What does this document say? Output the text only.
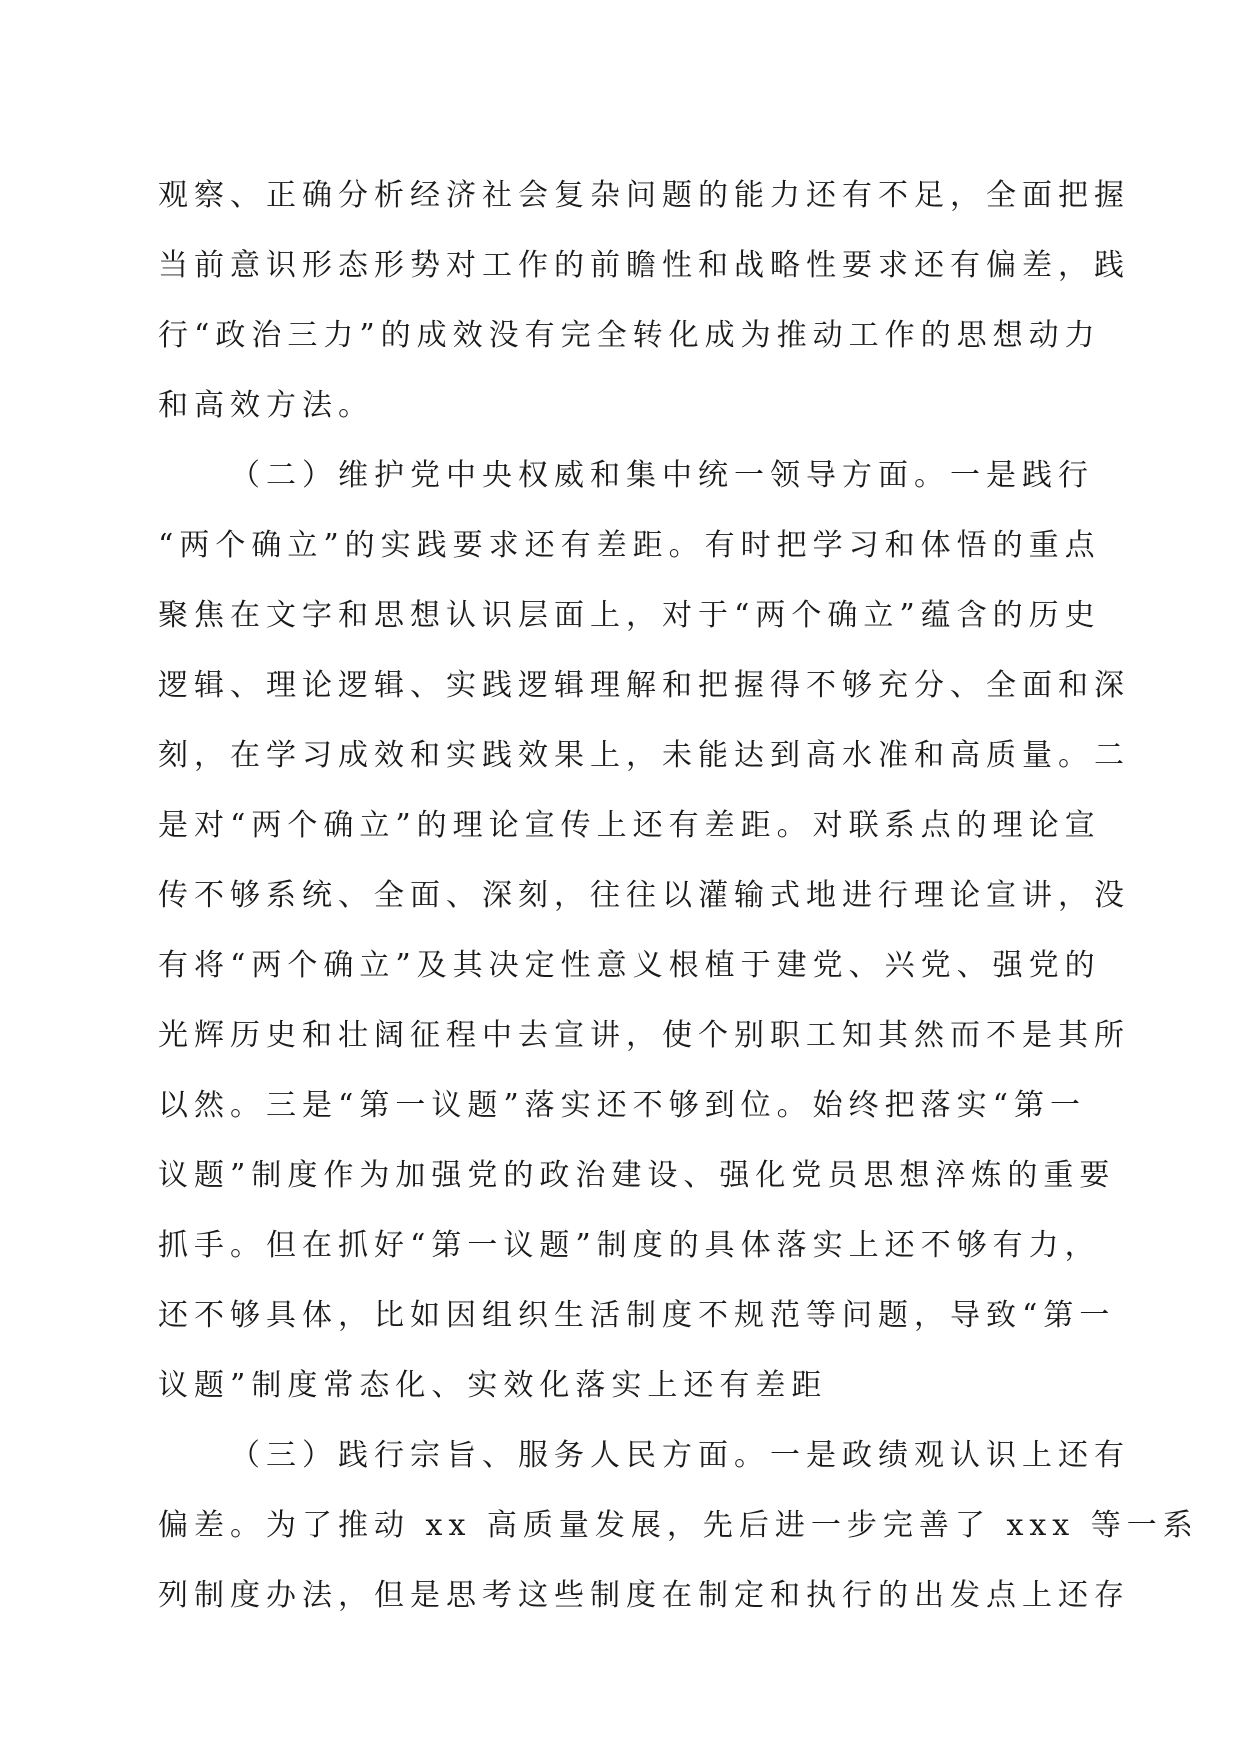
观察、正确分析经济社会复杂问题的能力还有不足，全面把握
当前意识形态形势对工作的前瞻性和战略性要求还有偏差，践
行“政治三力”的成效没有完全转化成为推动工作的思想动力
和高效方法。
（二）维护党中央权威和集中统一领导方面。一是践行
“两个确立”的实践要求还有差距。有时把学习和体悟的重点
聚焦在文字和思想认识层面上，对于“两个确立”蕴含的历史
逻辑、理论逻辑、实践逻辑理解和把握得不够充分、全面和深
刻，在学习成效和实践效果上，未能达到高水准和高质量。二
是对“两个确立”的理论宣传上还有差距。对联系点的理论宣
传不够系统、全面、深刻，往往以灌输式地进行理论宣讲，没
有将“两个确立”及其决定性意义根植于建党、兴党、强党的
光辉历史和壮阔征程中去宣讲，使个别职工知其然而不是其所
以然。三是“第一议题”落实还不够到位。始终把落实“第一
议题”制度作为加强党的政治建设、强化党员思想淬炼的重要
抓手。但在抓好“第一议题”制度的具体落实上还不够有力，
还不够具体，比如因组织生活制度不规范等问题，导致“第一
议题”制度常态化、实效化落实上还有差距
（三）践行宗旨、服务人民方面。一是政绩观认识上还有
偏差。为了推动 xx 高质量发展，先后进一步完善了 xxx 等一系
列制度办法，但是思考这些制度在制定和执行的出发点上还存
